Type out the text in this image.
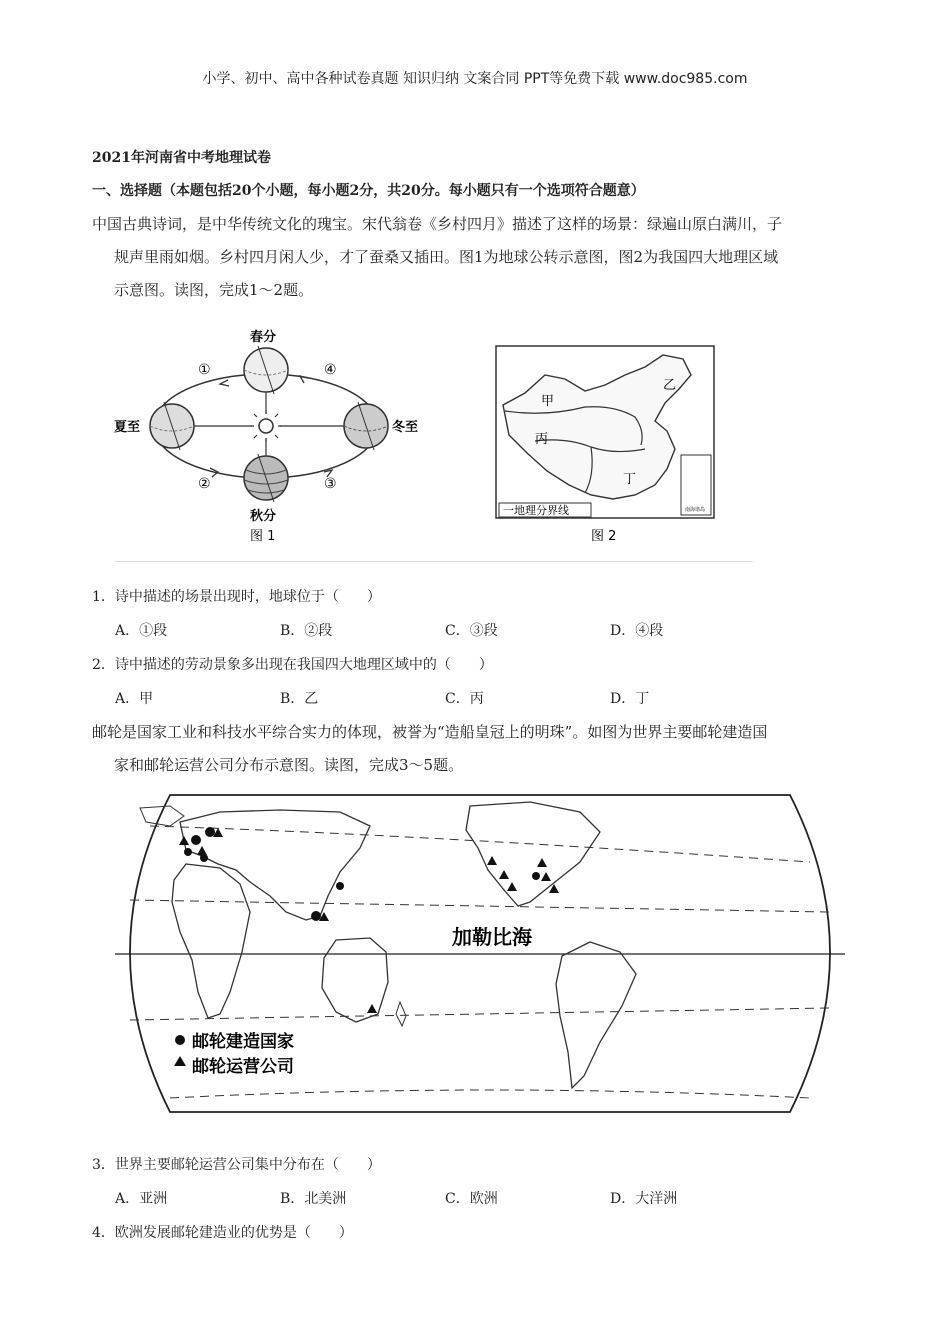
小学、初中、高中各种试卷真题 知识归纳 文案合同 PPT等免费下载 www.doc985.com
2021年河南省中考地理试卷
一、选择题（本题包括20个小题，每小题2分，共20分。每小题只有一个选项符合题意）
中国古典诗词，是中华传统文化的瑰宝。宋代翁卷《乡村四月》描述了这样的场景：绿遍山原白满川，子
规声里雨如烟。乡村四月闲人少，才了蚕桑又插田。图1为地球公转示意图，图2为我国四大地理区域
示意图。读图，完成1～2题。
春分
夏至	冬至
秋分
①
②	③
④
图 1
南海诸岛
甲
乙
丙
丁
一地理分界线
图 2
1．诗中描述的场景出现时，地球位于（　　）
A．①段	B．②段	C．③段	D．④段
2．诗中描述的劳动景象多出现在我国四大地理区域中的（　　）
A．甲	B．乙	C．丙	D．丁
邮轮是国家工业和科技水平综合实力的体现，被誉为“造船皇冠上的明珠”。如图为世界主要邮轮建造国
家和邮轮运营公司分布示意图。读图，完成3～5题。
加勒比海
邮轮建造国家
邮轮运营公司
3．世界主要邮轮运营公司集中分布在（　　）
A．亚洲	B．北美洲	C．欧洲	D．大洋洲
4．欧洲发展邮轮建造业的优势是（　　）
